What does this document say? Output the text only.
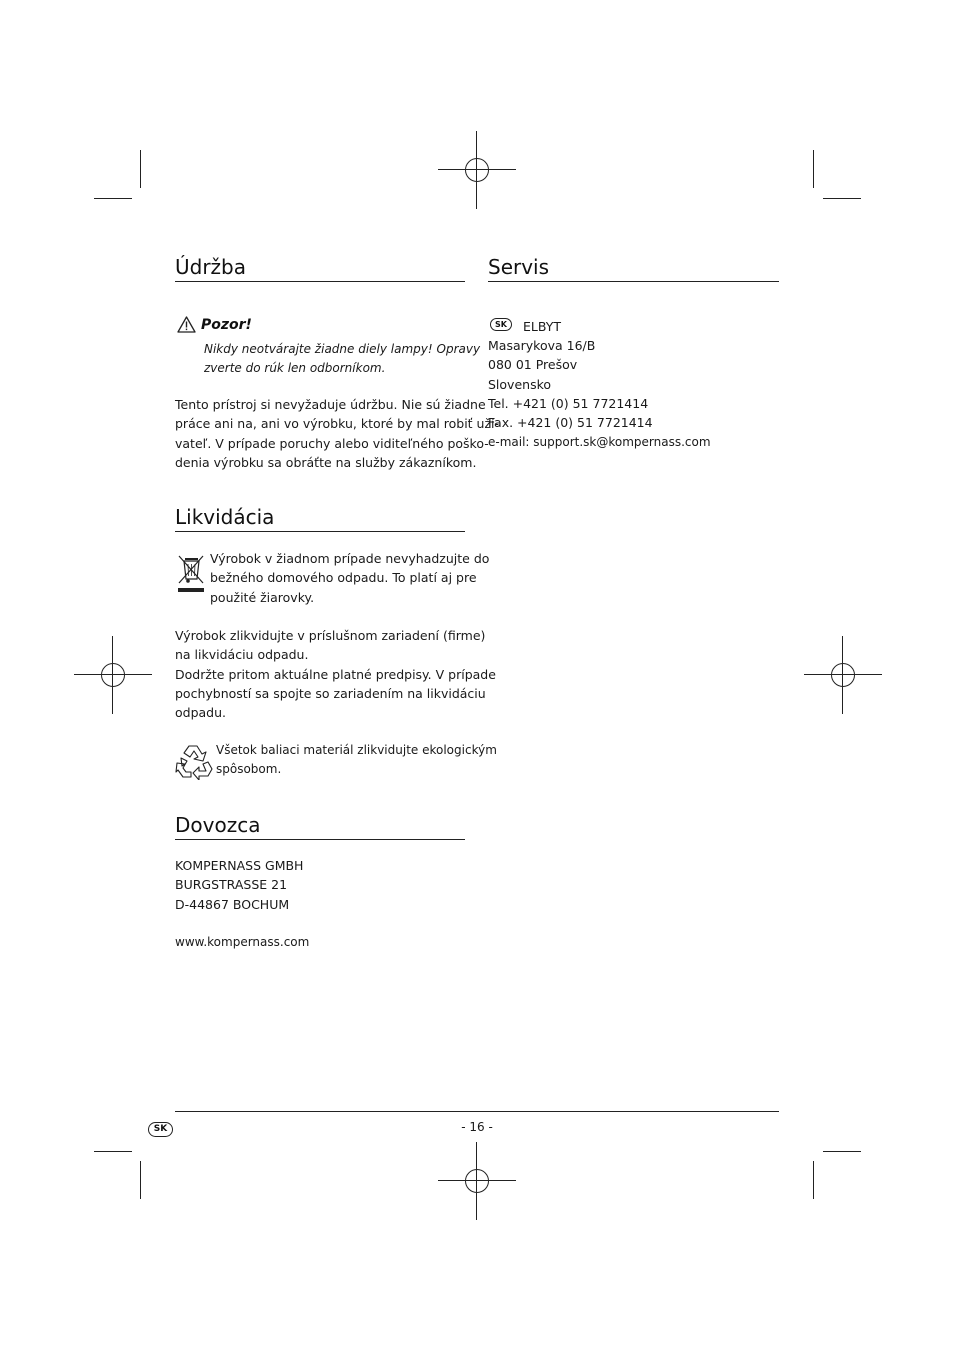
Údržba
Pozor!

Nikdy neotvárajte žiadne diely lampy! Opravy

zverte do rúk len odborníkom.

Tento prístroj si nevyžaduje údržbu. Nie sú žiadne

práce ani na, ani vo výrobku, ktoré by mal robiť uží-

vateľ. V prípade poruchy alebo viditeľného poško-

denia výrobku sa obráťte na služby zákazníkom.

Likvidácia

Výrobok v žiadnom prípade nevyhadzujte do

bežného domového odpadu. To platí aj pre

použité žiarovky.

Výrobok zlikvidujte v príslušnom zariadení (firme)

na likvidáciu odpadu.

Dodržte pritom aktuálne platné predpisy. V prípade

pochybností sa spojte so zariadením na likvidáciu

odpadu.

Všetok baliaci materiál zlikvidujte ekologickým

spôsobom.

Dovozca

KOMPERNASS GMBH

BURGSTRASSE 21

D-44867 BOCHUM

www.kompernass.com
Servis
SK	ELBYT

Masarykova 16/B

080 01 Prešov

Slovensko

Tel. +421 (0) 51 7721414

Fax. +421 (0) 51 7721414

e-mail: support.sk@kompernass.com
SK	- 16 -
